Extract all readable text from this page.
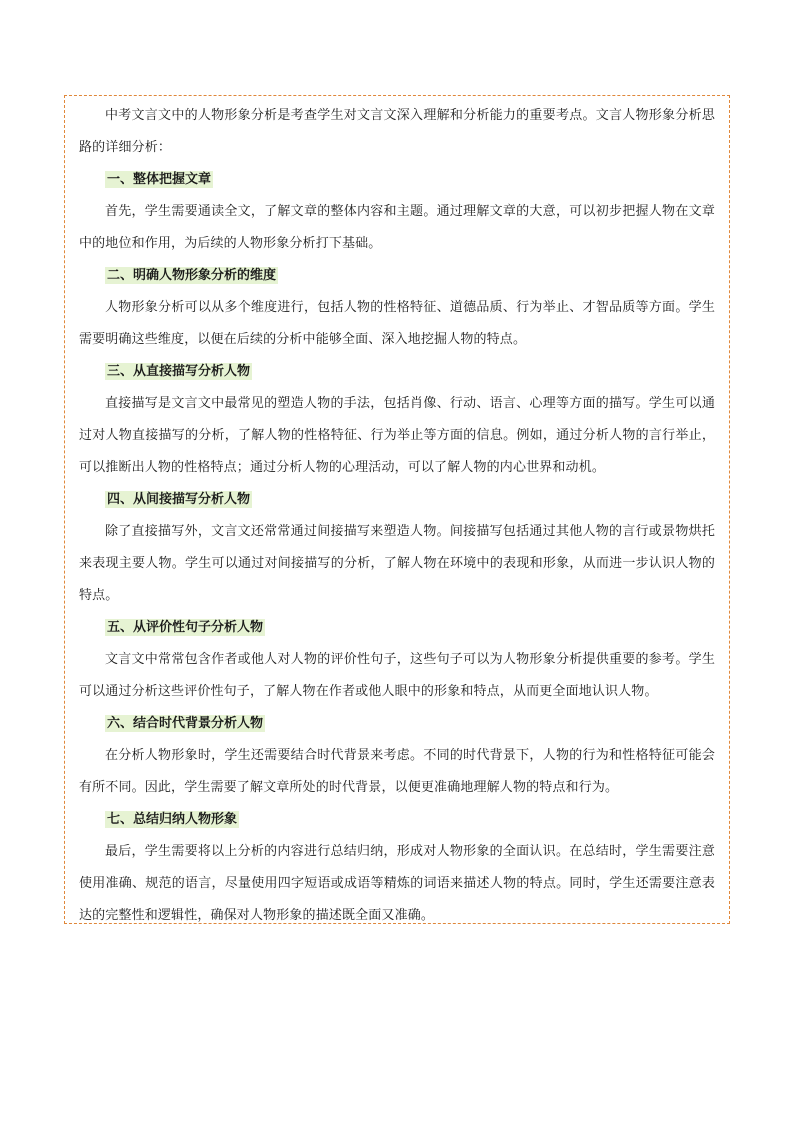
中考文言文中的人物形象分析是考查学生对文言文深入理解和分析能力的重要考点。文言人物形象分析思路的详细分析：

一、整体把握文章

首先，学生需要通读全文，了解文章的整体内容和主题。通过理解文章的大意，可以初步把握人物在文章中的地位和作用，为后续的人物形象分析打下基础。

二、明确人物形象分析的维度

人物形象分析可以从多个维度进行，包括人物的性格特征、道德品质、行为举止、才智品质等方面。学生需要明确这些维度，以便在后续的分析中能够全面、深入地挖掘人物的特点。

三、从直接描写分析人物

直接描写是文言文中最常见的塑造人物的手法，包括肖像、行动、语言、心理等方面的描写。学生可以通过对人物直接描写的分析，了解人物的性格特征、行为举止等方面的信息。例如，通过分析人物的言行举止，可以推断出人物的性格特点；通过分析人物的心理活动，可以了解人物的内心世界和动机。

四、从间接描写分析人物

除了直接描写外，文言文还常常通过间接描写来塑造人物。间接描写包括通过其他人物的言行或景物烘托来表现主要人物。学生可以通过对间接描写的分析，了解人物在环境中的表现和形象，从而进一步认识人物的特点。

五、从评价性句子分析人物

文言文中常常包含作者或他人对人物的评价性句子，这些句子可以为人物形象分析提供重要的参考。学生可以通过分析这些评价性句子，了解人物在作者或他人眼中的形象和特点，从而更全面地认识人物。

六、结合时代背景分析人物

在分析人物形象时，学生还需要结合时代背景来考虑。不同的时代背景下，人物的行为和性格特征可能会有所不同。因此，学生需要了解文章所处的时代背景，以便更准确地理解人物的特点和行为。

七、总结归纳人物形象

最后，学生需要将以上分析的内容进行总结归纳，形成对人物形象的全面认识。在总结时，学生需要注意使用准确、规范的语言，尽量使用四字短语或成语等精炼的词语来描述人物的特点。同时，学生还需要注意表达的完整性和逻辑性，确保对人物形象的描述既全面又准确。
